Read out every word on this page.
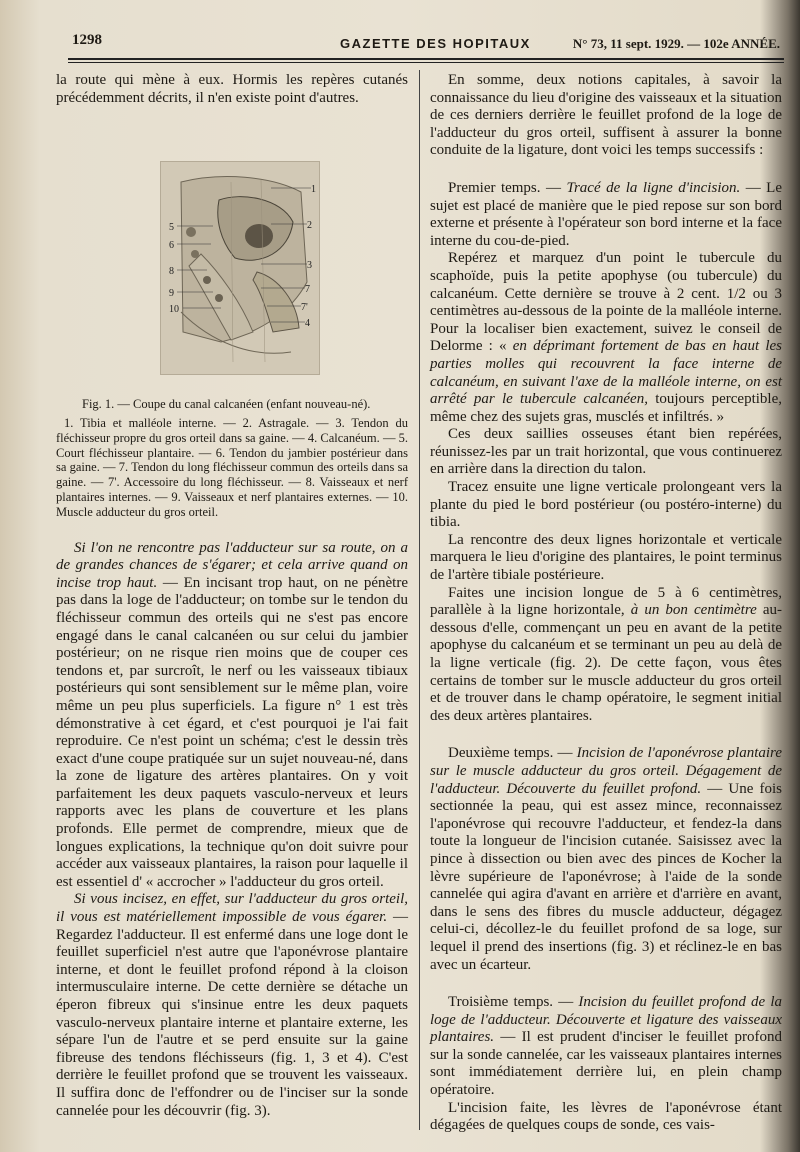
1298	GAZETTE DES HOPITAUX	N° 73, 11 sept. 1929. — 102e ANNÉE.

la route qui mène à eux. Hormis les repères cutanés précédemment décrits, il n'en existe point d'autres.

1
2
5
6
8
9
10
3
7
7'
4

Fig. 1. — Coupe du canal calcanéen (enfant nouveau-né).

1. Tibia et malléole interne. — 2. Astragale. — 3. Tendon du fléchisseur propre du gros orteil dans sa gaine. — 4. Calcanéum. — 5. Court fléchisseur plantaire. — 6. Tendon du jambier postérieur dans sa gaine. — 7. Tendon du long fléchisseur commun des orteils dans sa gaine. — 7'. Accessoire du long fléchisseur. — 8. Vaisseaux et nerf plantaires internes. — 9. Vaisseaux et nerf plantaires externes. — 10. Muscle adducteur du gros orteil.

Si l'on ne rencontre pas l'adducteur sur sa route, on a de grandes chances de s'égarer; et cela arrive quand on incise trop haut. — En incisant trop haut, on ne pénètre pas dans la loge de l'adducteur; on tombe sur le tendon du fléchisseur commun des orteils qui ne s'est pas encore engagé dans le canal calcanéen ou sur celui du jambier postérieur; on ne risque rien moins que de couper ces tendons et, par surcroît, le nerf ou les vaisseaux tibiaux postérieurs qui sont sensiblement sur le même plan, voire même un peu plus superficiels. La figure n° 1 est très démonstrative à cet égard, et c'est pourquoi je l'ai fait reproduire. Ce n'est point un schéma; c'est le dessin très exact d'une coupe pratiquée sur un sujet nouveau-né, dans la zone de ligature des artères plantaires. On y voit parfaitement les deux paquets vasculo-nerveux et leurs rapports avec les plans de couverture et les plans profonds. Elle permet de comprendre, mieux que de longues explications, la technique qu'on doit suivre pour accéder aux vaisseaux plantaires, la raison pour laquelle il est essentiel d' « accrocher » l'adducteur du gros orteil.

Si vous incisez, en effet, sur l'adducteur du gros orteil, il vous est matériellement impossible de vous égarer. — Regardez l'adducteur. Il est enfermé dans une loge dont le feuillet superficiel n'est autre que l'aponévrose plantaire interne, et dont le feuillet profond répond à la cloison intermusculaire interne. De cette dernière se détache un éperon fibreux qui s'insinue entre les deux paquets vasculo-nerveux plantaire interne et plantaire externe, les sépare l'un de l'autre et se perd ensuite sur la gaine fibreuse des tendons fléchisseurs (fig. 1, 3 et 4). C'est derrière le feuillet profond que se trouvent les vaisseaux. Il suffira donc de l'effondrer ou de l'inciser sur la sonde cannelée pour les découvrir (fig. 3).

En somme, deux notions capitales, à savoir la connaissance du lieu d'origine des vaisseaux et la situation de ces derniers derrière le feuillet profond de la loge de l'adducteur du gros orteil, suffisent à assurer la bonne conduite de la ligature, dont voici les temps successifs :

Premier temps. — Tracé de la ligne d'incision. — Le sujet est placé de manière que le pied repose sur son bord externe et présente à l'opérateur son bord interne et la face interne du cou-de-pied.

Repérez et marquez d'un point le tubercule du scaphoïde, puis la petite apophyse (ou tubercule) du calcanéum. Cette dernière se trouve à 2 cent. 1/2 ou 3 centimètres au-dessous de la pointe de la malléole interne. Pour la localiser bien exactement, suivez le conseil de Delorme : « en déprimant fortement de bas en haut les parties molles qui recouvrent la face interne de calcanéum, en suivant l'axe de la malléole interne, on est arrêté par le tubercule calcanéen, toujours perceptible, même chez des sujets gras, musclés et infiltrés. »

Ces deux saillies osseuses étant bien repérées, réunissez-les par un trait horizontal, que vous continuerez en arrière dans la direction du talon.

Tracez ensuite une ligne verticale prolongeant vers la plante du pied le bord postérieur (ou postéro-interne) du tibia.

La rencontre des deux lignes horizontale et verticale marquera le lieu d'origine des plantaires, le point terminus de l'artère tibiale postérieure.

Faites une incision longue de 5 à 6 centimètres, parallèle à la ligne horizontale, à un bon centimètre au-dessous d'elle, commençant un peu en avant de la petite apophyse du calcanéum et se terminant un peu au delà de la ligne verticale (fig. 2). De cette façon, vous êtes certains de tomber sur le muscle adducteur du gros orteil et de trouver dans le champ opératoire, le segment initial des deux artères plantaires.

Deuxième temps. — Incision de l'aponévrose plantaire sur le muscle adducteur du gros orteil. Dégagement de l'adducteur. Découverte du feuillet profond. — Une fois sectionnée la peau, qui est assez mince, reconnaissez l'aponévrose qui recouvre l'adducteur, et fendez-la dans toute la longueur de l'incision cutanée. Saisissez avec la pince à dissection ou bien avec des pinces de Kocher la lèvre supérieure de l'aponévrose; à l'aide de la sonde cannelée qui agira d'avant en arrière et d'arrière en avant, dans le sens des fibres du muscle adducteur, dégagez celui-ci, décollez-le du feuillet profond de sa loge, sur lequel il prend des insertions (fig. 3) et réclinez-le en bas avec un écarteur.

Troisième temps. — Incision du feuillet profond de la loge de l'adducteur. Découverte et ligature des vaisseaux plantaires. — Il est prudent d'inciser le feuillet profond sur la sonde cannelée, car les vaisseaux plantaires internes sont immédiatement derrière lui, en plein champ opératoire.

L'incision faite, les lèvres de l'aponévrose étant dégagées de quelques coups de sonde, ces vais-
